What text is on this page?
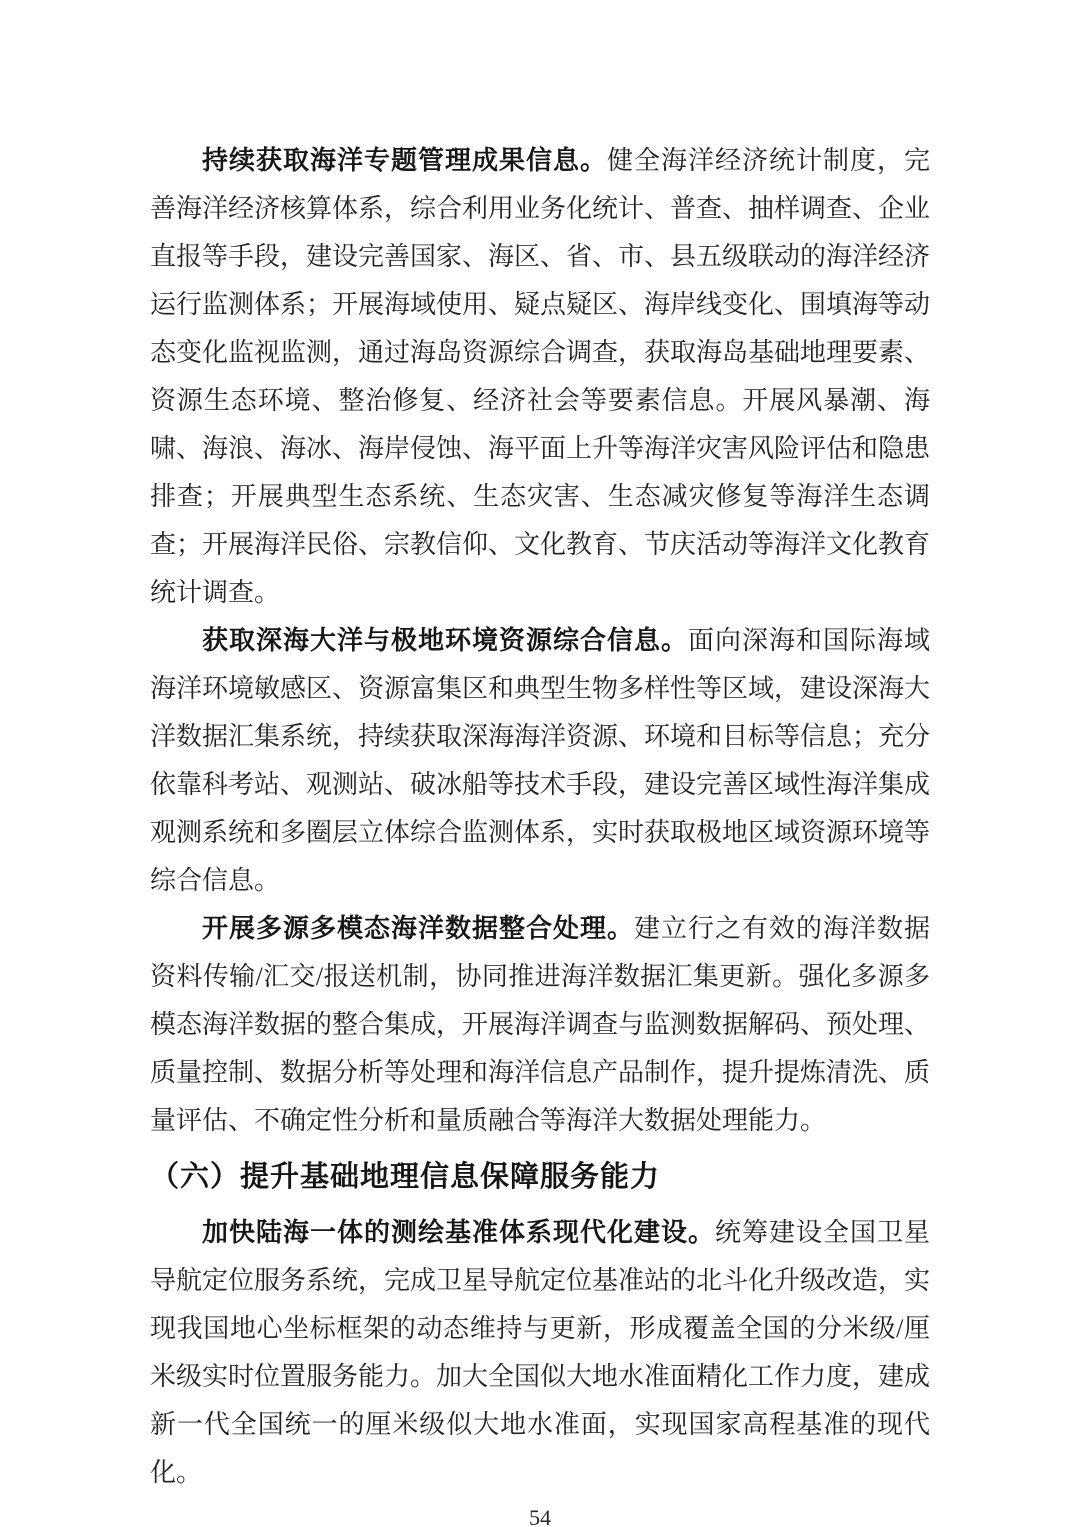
持续获取海洋专题管理成果信息。健全海洋经济统计制度，完善海洋经济核算体系，综合利用业务化统计、普查、抽样调查、企业直报等手段，建设完善国家、海区、省、市、县五级联动的海洋经济运行监测体系；开展海域使用、疑点疑区、海岸线变化、围填海等动态变化监视监测，通过海岛资源综合调查，获取海岛基础地理要素、资源生态环境、整治修复、经济社会等要素信息。开展风暴潮、海啸、海浪、海冰、海岸侵蚀、海平面上升等海洋灾害风险评估和隐患排查；开展典型生态系统、生态灾害、生态减灾修复等海洋生态调查；开展海洋民俗、宗教信仰、文化教育、节庆活动等海洋文化教育统计调查。

获取深海大洋与极地环境资源综合信息。面向深海和国际海域海洋环境敏感区、资源富集区和典型生物多样性等区域，建设深海大洋数据汇集系统，持续获取深海海洋资源、环境和目标等信息；充分依靠科考站、观测站、破冰船等技术手段，建设完善区域性海洋集成观测系统和多圈层立体综合监测体系，实时获取极地区域资源环境等综合信息。

开展多源多模态海洋数据整合处理。建立行之有效的海洋数据资料传输/汇交/报送机制，协同推进海洋数据汇集更新。强化多源多模态海洋数据的整合集成，开展海洋调查与监测数据解码、预处理、质量控制、数据分析等处理和海洋信息产品制作，提升提炼清洗、质量评估、不确定性分析和量质融合等海洋大数据处理能力。

（六）提升基础地理信息保障服务能力

加快陆海一体的测绘基准体系现代化建设。统筹建设全国卫星导航定位服务系统，完成卫星导航定位基准站的北斗化升级改造，实现我国地心坐标框架的动态维持与更新，形成覆盖全国的分米级/厘米级实时位置服务能力。加大全国似大地水准面精化工作力度，建成新一代全国统一的厘米级似大地水准面，实现国家高程基准的现代化。

54
